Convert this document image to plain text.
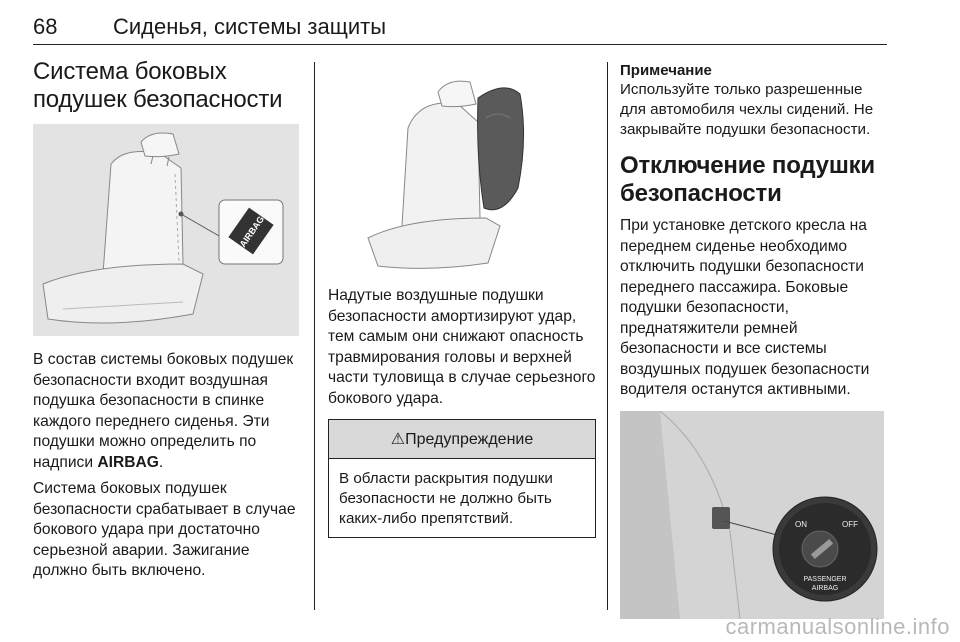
68	Сиденья, системы защиты
Система боковых подушек безопасности
AIRBAG

В состав системы боковых подушек безопасности входит воздушная подушка безопасности в спинке каждого переднего сиденья. Эти подушки можно определить по надписи AIRBAG.

Система боковых подушек безопасности срабатывает в случае бокового удара при достаточно серьезной аварии. Зажигание должно быть включено.

Надутые воздушные подушки безопасности амортизируют удар, тем самым они снижают опасность травмирования головы и верхней части туловища в случае серьезного бокового удара.

⚠Предупреждение

В области раскрытия подушки безопасности не должно быть каких-либо препятствий.

Примечание

Используйте только разрешенные для автомобиля чехлы сидений. Не закрывайте подушки безопасности.

Отключение подушки безопасности

При установке детского кресла на переднем сиденье необходимо отключить подушки безопасности переднего пассажира. Боковые подушки безопасности, преднатяжители ремней безопасности и все системы воздушных подушек безопасности водителя останутся активными.

ON	OFF
PASSENGER
AIRBAG
carmanualsonline.info
